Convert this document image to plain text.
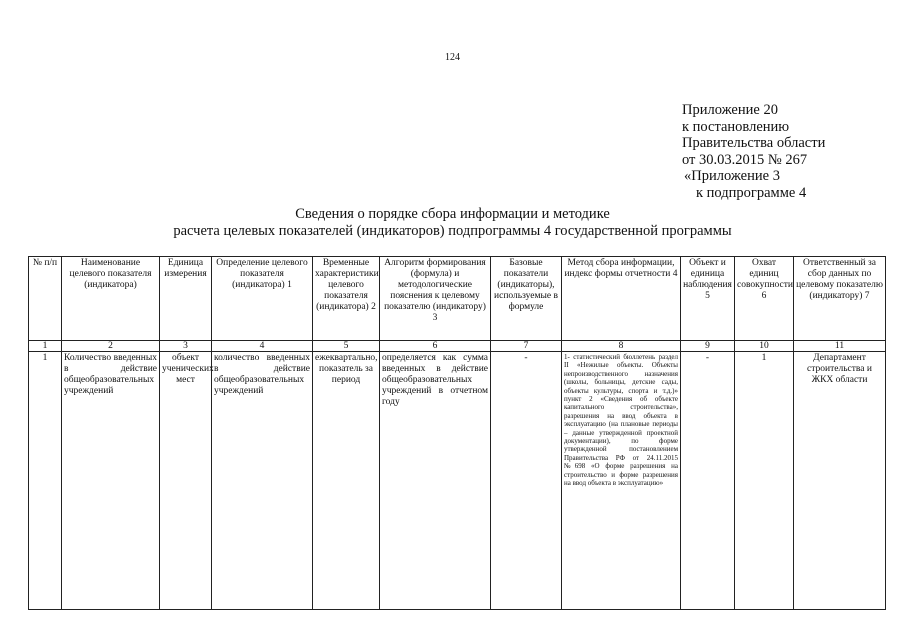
124
Приложение 20
к постановлению
Правительства области
от 30.03.2015 № 267
«Приложение 3
к подпрограмме 4
Сведения о порядке сбора информации и методике
расчета целевых показателей (индикаторов) подпрограммы 4 государственной программы
№ п/п	Наименование целевого показателя (индикатора)	Единица измерения	Определение целевого показателя (индикатора) 1	Временные характеристики целевого показателя (индикатора) 2	Алгоритм формирования (формула) и методологические пояснения к целевому показателю (индикатору) 3	Базовые показатели (индикаторы), используемые в формуле	Метод сбора информации, индекс формы отчетности 4	Объект и единица наблюдения 5	Охват единиц совокупности 6	Ответственный за сбор данных по целевому показателю (индикатору) 7
1	2	3	4	5	6	7	8	9	10	11
1	Количество введенных в действие общеобразовательных учреждений	объект ученических мест	количество введенных в действие общеобразовательных учреждений	ежеквартально, показатель за период	определяется как сумма введенных в действие общеобразовательных учреждений в отчетном году	-	1- статистический бюллетень раздел II «Нежилые объекты. Объекты непроизводственного назначения (школы, больницы, детские сады, объекты культуры, спорта и т.д.)» пункт 2 «Сведения об объекте капитального строительства», разрешения на ввод объекта в эксплуатацию (на плановые периоды – данные утвержденной проектной документации), по форме утвержденной постановлением Правительства РФ от 24.11.2015 №698 «О форме разрешения на строительство и форме разрешения на ввод объекта в эксплуатацию»	-	1	Департамент строительства и ЖКХ области
